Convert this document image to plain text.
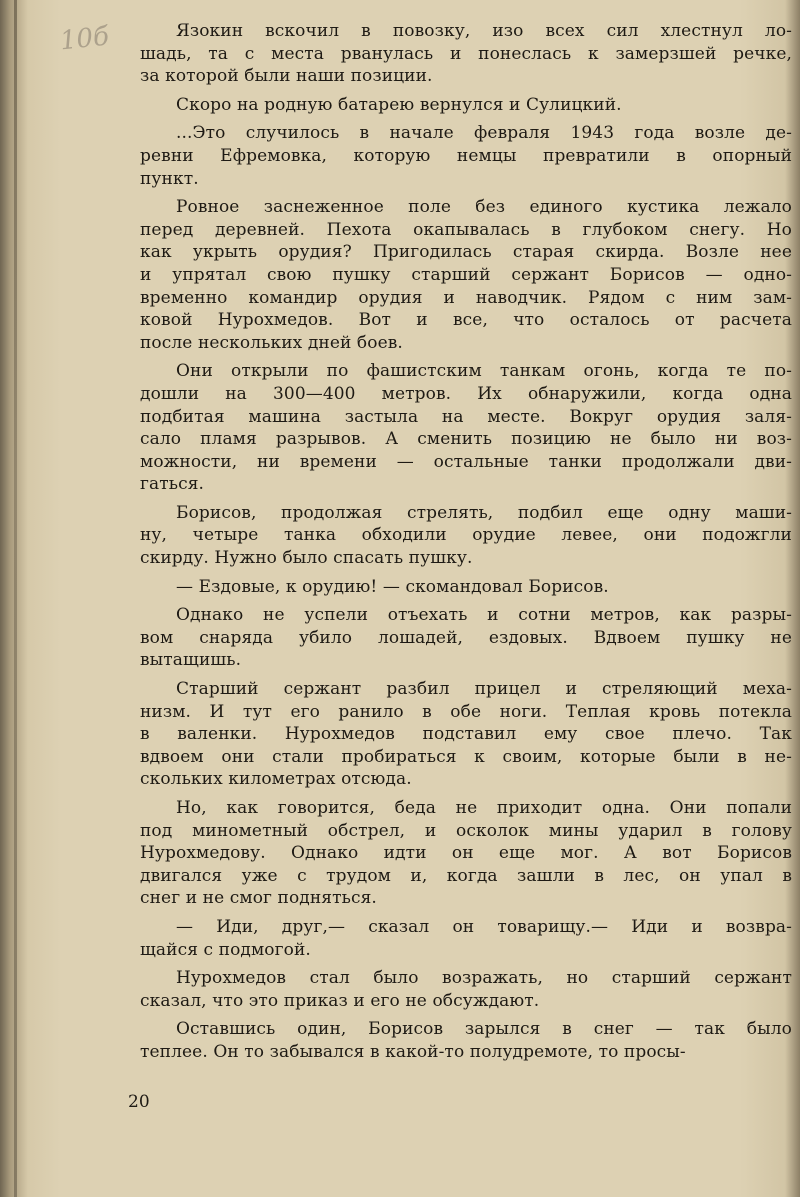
10б	Язокин вскочил в повозку, изо всех сил хлестнул ло-
шадь, та с места рванулась и понеслась к замерзшей речке,
за которой были наши позиции.
Скоро на родную батарею вернулся и Сулицкий.
...Это случилось в начале февраля 1943 года возле де-
ревни Ефремовка, которую немцы превратили в опорный
пункт.
Ровное заснеженное поле без единого кустика лежало
перед деревней. Пехота окапывалась в глубоком снегу. Но
как укрыть орудия? Пригодилась старая скирда. Возле нее
и упрятал свою пушку старший сержант Борисов — одно-
временно командир орудия и наводчик. Рядом с ним зам-
ковой Нурохмедов. Вот и все, что осталось от расчета
после нескольких дней боев.
Они открыли по фашистским танкам огонь, когда те по-
дошли на 300—400 метров. Их обнаружили, когда одна
подбитая машина застыла на месте. Вокруг орудия заля-
сало пламя разрывов. А сменить позицию не было ни воз-
можности, ни времени — остальные танки продолжали дви-
гаться.
Борисов, продолжая стрелять, подбил еще одну маши-
ну, четыре танка обходили орудие левее, они подожгли
скирду. Нужно было спасать пушку.
— Ездовые, к орудию! — скомандовал Борисов.
Однако не успели отъехать и сотни метров, как разры-
вом снаряда убило лошадей, ездовых. Вдвоем пушку не
вытащишь.
Старший сержант разбил прицел и стреляющий меха-
низм. И тут его ранило в обе ноги. Теплая кровь потекла
в валенки. Нурохмедов подставил ему свое плечо. Так
вдвоем они стали пробираться к своим, которые были в не-
скольких километрах отсюда.
Но, как говорится, беда не приходит одна. Они попали
под минометный обстрел, и осколок мины ударил в голову
Нурохмедову. Однако идти он еще мог. А вот Борисов
двигался уже с трудом и, когда зашли в лес, он упал в
снег и не смог подняться.
— Иди, друг,— сказал он товарищу.— Иди и возвра-
щайся с подмогой.
Нурохмедов стал было возражать, но старший сержант
сказал, что это приказ и его не обсуждают.
Оставшись один, Борисов зарылся в снег — так было
теплее. Он то забывался в какой-то полудремоте, то просы-
20
